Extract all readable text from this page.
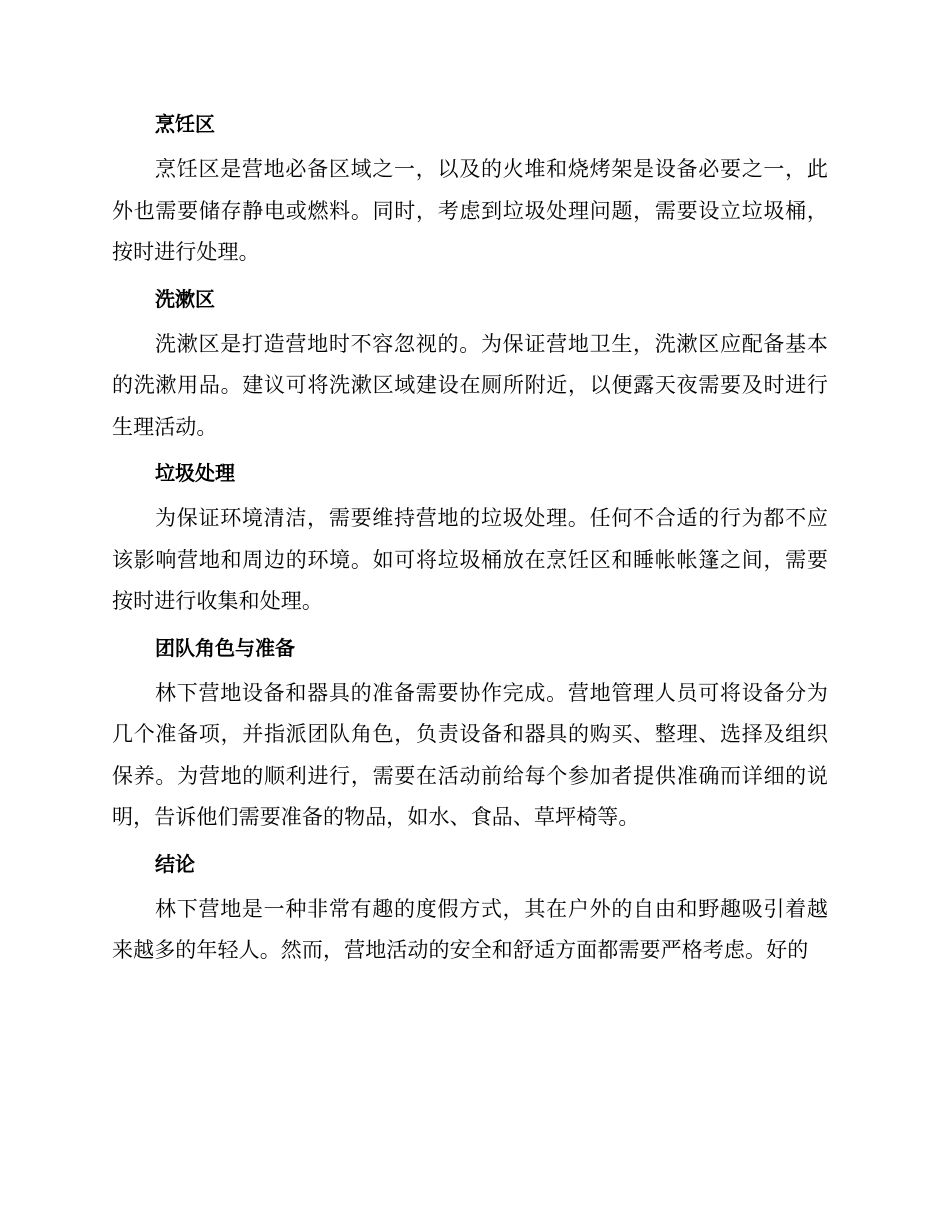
烹饪区

烹饪区是营地必备区域之一，以及的火堆和烧烤架是设备必要之一，此外也需要储存静电或燃料。同时，考虑到垃圾处理问题，需要设立垃圾桶，按时进行处理。

洗漱区

洗漱区是打造营地时不容忽视的。为保证营地卫生，洗漱区应配备基本的洗漱用品。建议可将洗漱区域建设在厕所附近，以便露天夜需要及时进行生理活动。

垃圾处理

为保证环境清洁，需要维持营地的垃圾处理。任何不合适的行为都不应该影响营地和周边的环境。如可将垃圾桶放在烹饪区和睡帐帐篷之间，需要按时进行收集和处理。

团队角色与准备

林下营地设备和器具的准备需要协作完成。营地管理人员可将设备分为几个准备项，并指派团队角色，负责设备和器具的购买、整理、选择及组织保养。为营地的顺利进行，需要在活动前给每个参加者提供准确而详细的说明，告诉他们需要准备的物品，如水、食品、草坪椅等。

结论

林下营地是一种非常有趣的度假方式，其在户外的自由和野趣吸引着越来越多的年轻人。然而，营地活动的安全和舒适方面都需要严格考虑。好的
